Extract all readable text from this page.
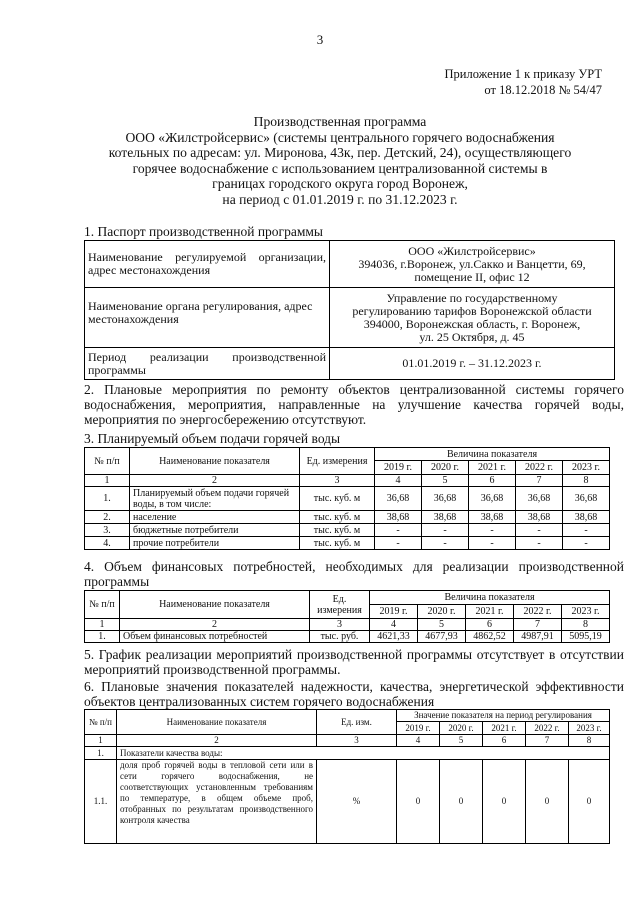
3
Приложение 1 к приказу УРТ
от 18.12.2018 № 54/47
Производственная программа
ООО «Жилстройсервис» (системы центрального горячего водоснабжения
котельных по адресам: ул. Миронова, 43к, пер. Детский, 24), осуществляющего
горячее водоснабжение с использованием централизованной системы в
границах городского округа город Воронеж,
на период с 01.01.2019 г. по 31.12.2023 г.
1. Паспорт производственной программы
Наименование регулируемой организации, адрес местонахождения	ООО «Жилстройсервис»
394036, г.Воронеж, ул.Сакко и Ванцетти, 69,
помещение II, офис 12

Наименование органа регулирования, адрес местонахождения	Управление по государственному
регулированию тарифов Воронежской области
394000, Воронежская область, г. Воронеж,
ул. 25 Октября, д. 45

Период реализации производственной программы	01.01.2019 г. – 31.12.2023 г.
2. Плановые мероприятия по ремонту объектов централизованной системы горячего водоснабжения, мероприятия, направленные на улучшение качества горячей воды, мероприятия по энергосбережению отсутствуют.
3. Планируемый объем подачи горячей воды
№ п/п	Наименование показателя	Ед. измерения	Величина показателя				
			2019 г.	2020 г.	2021 г.	2022 г.	2023 г.
1	2	3	4	5	6	7	8
1.	Планируемый объем подачи горячей воды, в том числе:	тыс. куб. м	36,68	36,68	36,68	36,68	36,68
2.	население	тыс. куб. м	38,68	38,68	38,68	38,68	38,68
3.	бюджетные потребители	тыс. куб. м	-	-	-	-	-
4.	прочие потребители	тыс. куб. м	-	-	-	-	-
4. Объем финансовых потребностей, необходимых для реализации производственной программы
№ п/п	Наименование показателя	Ед. измерения	Величина показателя				
			2019 г.	2020 г.	2021 г.	2022 г.	2023 г.
1	2	3	4	5	6	7	8
1.	Объем финансовых потребностей	тыс. руб.	4621,33	4677,93	4862,52	4987,91	5095,19
5. График реализации мероприятий производственной программы отсутствует в отсутствии мероприятий производственной программы.
6. Плановые значения показателей надежности, качества, энергетической эффективности объектов централизованных систем горячего водоснабжения
№ п/п	Наименование показателя	Ед. изм.	Значение показателя на период регулирования				
			2019 г.	2020 г.	2021 г.	2022 г.	2023 г.
1	2	3	4	5	6	7	8
1.	Показатели качества воды:						
1.1.	доля проб горячей воды в тепловой сети или в сети горячего водоснабжения, не соответствующих установленным требованиям по температуре, в общем объеме проб, отобранных по результатам производственного контроля качества	%	0	0	0	0	0
